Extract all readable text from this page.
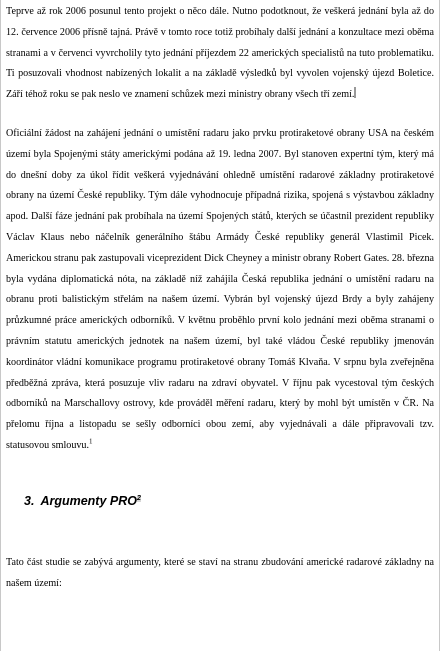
Teprve až rok 2006 posunul tento projekt o něco dále. Nutno podotknout, že veškerá jednání byla až do 12. července 2006 přísně tajná. Právě v tomto roce totiž probíhaly další jednání a konzultace mezi oběma stranami a v červenci vyvrcholily tyto jednání příjezdem 22 amerických specialistů na tuto problematiku. Ti posuzovali vhodnost nabízených lokalit a na základě výsledků byl vyvolen vojenský újezd Boletice. Září téhož roku se pak neslo ve znamení schůzek mezi ministry obrany všech tří zemí.

Oficiální žádost na zahájení jednání o umístění radaru jako prvku protiraketové obrany USA na českém území byla Spojenými státy americkými podána až 19. ledna 2007. Byl stanoven expertní tým, který má do dnešní doby za úkol řídit veškerá vyjednávání ohledně umístění radarové základny protiraketové obrany na území České republiky. Tým dále vyhodnocuje případná rizika, spojená s výstavbou základny apod. Další fáze jednání pak probíhala na území Spojených států, kterých se účastnil prezident republiky Václav Klaus nebo náčelník generálního štábu Armády České republiky generál Vlastimil Picek. Americkou stranu pak zastupovali viceprezident Dick Cheyney a ministr obrany Robert Gates. 28. března byla vydána diplomatická nóta, na základě níž zahájila Česká republika jednání o umístění radaru na obranu proti balistickým střelám na našem území. Vybrán byl vojenský újezd Brdy a byly zahájeny průzkumné práce amerických odborníků. V květnu proběhlo první kolo jednání mezi oběma stranami o právním statutu amerických jednotek na našem území, byl také vládou České republiky jmenován koordinátor vládní komunikace programu protiraketové obrany Tomáš Klvaňa. V srpnu byla zveřejněna předběžná zpráva, která posuzuje vliv radaru na zdraví obyvatel. V říjnu pak vycestoval tým českých odborníků na Marschallovy ostrovy, kde prováděl měření radaru, který by mohl být umístěn v ČR. Na přelomu října a listopadu se sešly odborníci obou zemí, aby vyjednávali a dále připravovali tzv. statusovou smlouvu.$^1$

3. Argumenty PRO$^2$

Tato část studie se zabývá argumenty, které se staví na stranu zbudování americké radarové základny na našem území:
